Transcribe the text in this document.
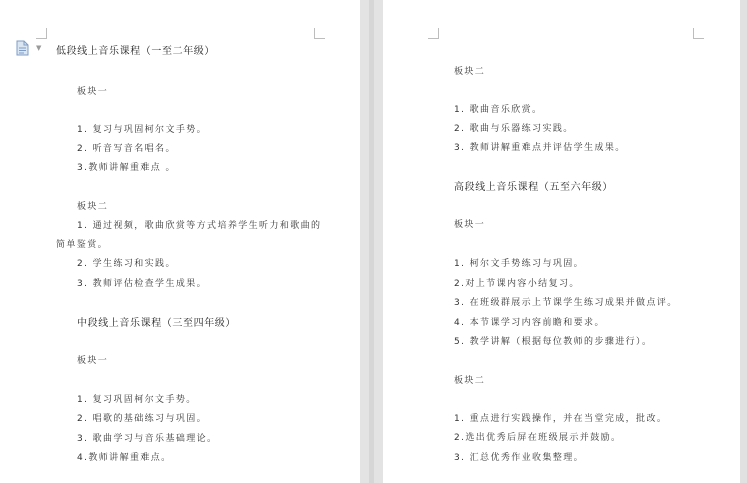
▼ 低段线上音乐课程（一至二年级）
板块一
1. 复习与巩固柯尔文手势。
2. 听音写音名唱名。
3.教师讲解重难点 。
板块二
1. 通过视频，歌曲欣赏等方式培养学生听力和歌曲的
简单鉴赏。
2. 学生练习和实践。
3. 教师评估检查学生成果。
中段线上音乐课程（三至四年级）
板块一
1. 复习巩固柯尔文手势。
2. 唱歌的基础练习与巩固。
3. 歌曲学习与音乐基础理论。
4.教师讲解重难点。
板块二
1. 歌曲音乐欣赏。
2. 歌曲与乐器练习实践。
3. 教师讲解重难点并评估学生成果。
高段线上音乐课程（五至六年级）
板块一
1. 柯尔文手势练习与巩固。
2.对上节课内容小结复习。
3. 在班级群展示上节课学生练习成果并做点评。
4. 本节课学习内容前瞻和要求。
5. 教学讲解（根据每位教师的步骤进行）。
板块二
1. 重点进行实践操作，并在当堂完成，批改。
2.选出优秀后屏在班级展示并鼓励。
3. 汇总优秀作业收集整理。
